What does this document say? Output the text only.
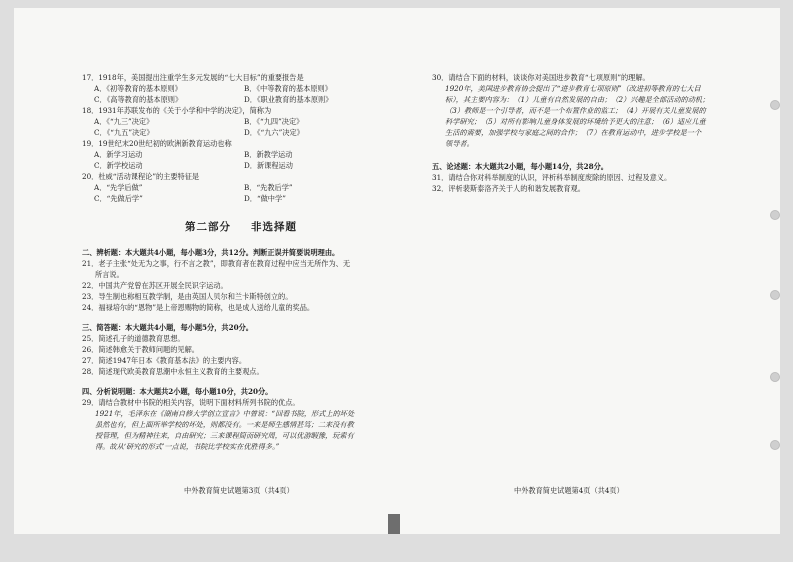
17．1918年，美国提出注重学生多元发展的“七大目标”的重要报告是
A．《初等教育的基本原则》	B．《中等教育的基本原则》
C．《高等教育的基本原则》	D．《职业教育的基本原则》
18．1931年苏联发布的《关于小学和中学的决定》，简称为
A．《“九三”决定》	B．《“九四”决定》
C．《“九五”决定》	D．《“九六”决定》
19．19世纪末20世纪初的欧洲新教育运动也称
A．新学习运动	B．新教学运动
C．新学校运动	D．新课程运动
20．杜威“活动课程论”的主要特征是
A．“先学后做”	B．“先教后学”
C．“先做后学”	D．“做中学”
第二部分 非选择题
二、辨析题：本大题共4小题，每小题3分，共12分。判断正误并简要说明理由。
21．老子主张“处无为之事，行不言之教”，即教育者在教育过程中应当无所作为、无
所言说。
22．中国共产党曾在苏区开展全民识字运动。
23．导生制也称相互教学制，是由英国人贝尔和兰卡斯特创立的。
24．福禄培尔的“恩物”是上帝恩赐物的简称，也是成人送给儿童的奖品。
三、简答题：本大题共4小题，每小题5分，共20分。
25．简述孔子的道德教育思想。
26．简述韩愈关于教师问题的见解。
27．简述1947年日本《教育基本法》的主要内容。
28．简述现代欧美教育思潮中永恒主义教育的主要观点。
四、分析说明题：本大题共2小题，每小题10分，共20分。
29．请结合教材中书院的相关内容，说明下面材料所列书院的优点。
1921年，毛泽东在《湖南自修大学创立宣言》中曾说：“回看书院，形式上的坏处
虽然也有，但上面所举学校的坏处，则都没有。一来是师生感情甚笃；二来没有教
授管理，但为精神往来，自由研究；三来课程简而研究周，可以优游暇豫，玩索有
得。故从‘研究的形式’一点说，书院比学校实在优胜得多。”
30．请结合下面的材料，谈谈你对美国进步教育“七项原则”的理解。
1920年，美国进步教育协会提出了“进步教育七项原则”（改进初等教育的七大目
标），其主要内容为：（1）儿童有自然发展的自由；（2）兴趣是全部活动的动机；
（3）教师是一个引导者，而不是一个布置作业的监工；（4）开展有关儿童发展的
科学研究；（5）对所有影响儿童身体发展的环境给予更大的注意；（6）适应儿童
生活的需要，加强学校与家庭之间的合作；（7）在教育运动中，进步学校是一个
领导者。
五、论述题：本大题共2小题，每小题14分，共28分。
31．请结合你对科举制度的认识，评析科举制度废除的原因、过程及意义。
32．评析裴斯泰洛齐关于人的和谐发展教育观。
中外教育简史试题第3页（共4页）	中外教育简史试题第4页（共4页）
